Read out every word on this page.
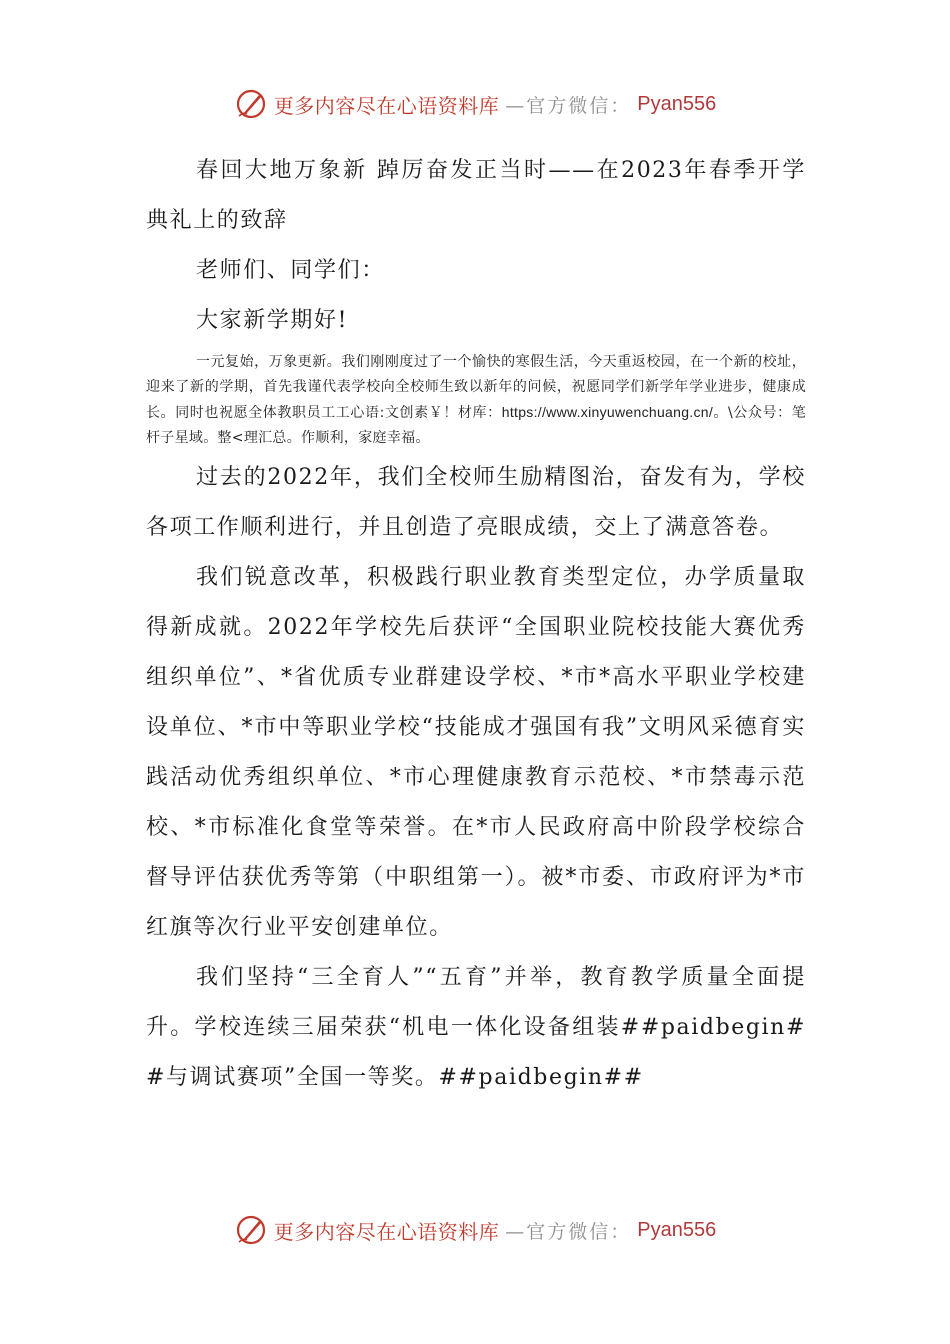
更多内容尽在心语资料库 —官方微信： Pyan556

春回大地万象新 踔厉奋发正当时——在2023年春季开学典礼上的致辞

老师们、同学们：

大家新学期好!

一元复始，万象更新。我们刚刚度过了一个愉快的寒假生活，今天重返校园，在一个新的校址，迎来了新的学期，首先我谨代表学校向全校师生致以新年的问候，祝愿同学们新学年学业进步，健康成长。同时也祝愿全体教职员工工心语:文创素￥！材库：https://www.xinyuwenchuang.cn/。\公众号：笔杆子星域。整<理汇总。作顺利，家庭幸福。

过去的2022年，我们全校师生励精图治，奋发有为，学校各项工作顺利进行，并且创造了亮眼成绩，交上了满意答卷。

我们锐意改革，积极践行职业教育类型定位，办学质量取得新成就。2022年学校先后获评“全国职业院校技能大赛优秀组织单位”、*省优质专业群建设学校、*市*高水平职业学校建设单位、*市中等职业学校“技能成才强国有我”文明风采德育实践活动优秀组织单位、*市心理健康教育示范校、*市禁毒示范校、*市标准化食堂等荣誉。在*市人民政府高中阶段学校综合督导评估获优秀等第（中职组第一）。被*市委、市政府评为*市红旗等次行业平安创建单位。

我们坚持“三全育人”“五育”并举，教育教学质量全面提升。学校连续三届荣获“机电一体化设备组装##paidbegin##与调试赛项”全国一等奖。##paidbegin##

更多内容尽在心语资料库 —官方微信： Pyan556
